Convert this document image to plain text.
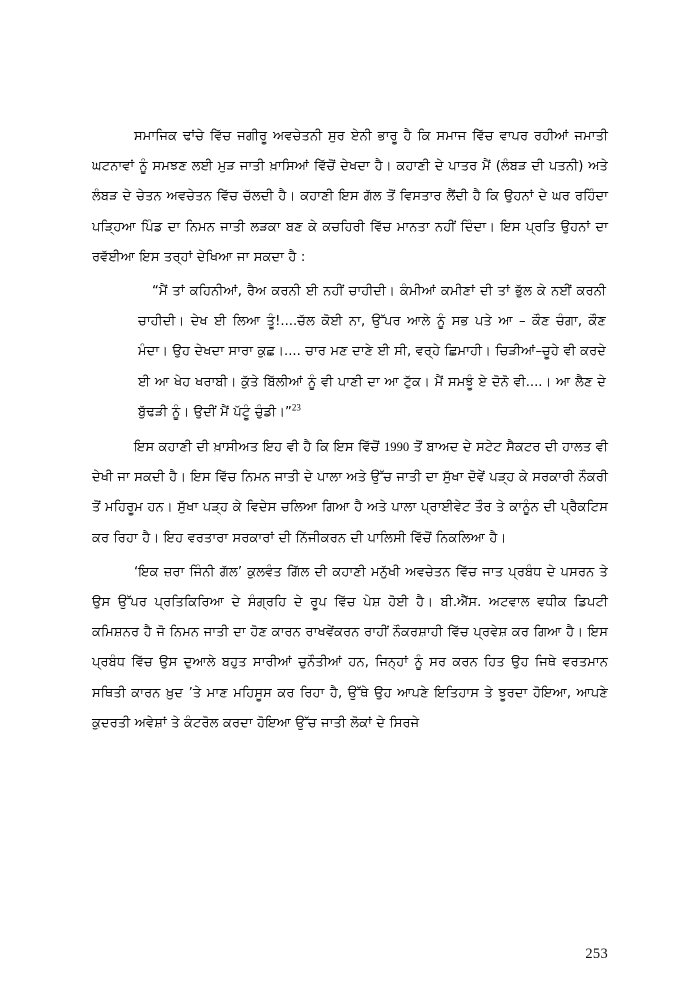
ਸਮਾਜਿਕ ਢਾਂਚੇ ਵਿੱਚ ਜਗੀਰੂ ਅਵਚੇਤਨੀ ਸੁਰ ਏਨੀ ਭਾਰੂ ਹੈ ਕਿ ਸਮਾਜ ਵਿੱਚ ਵਾਪਰ ਰਹੀਆਂ ਜਮਾਤੀ ਘਟਨਾਵਾਂ ਨੂੰ ਸਮਝਣ ਲਈ ਮੁੜ ਜਾਤੀ ਖ਼ਾਸਿਆਂ ਵਿੱਚੋਂ ਦੇਖਦਾ ਹੈ। ਕਹਾਣੀ ਦੇ ਪਾਤਰ ਮੈਂ (ਲੰਬੜ ਦੀ ਪਤਨੀ) ਅਤੇ ਲੰਬੜ ਦੇ ਚੇਤਨ ਅਵਚੇਤਨ ਵਿੱਚ ਚੱਲਦੀ ਹੈ। ਕਹਾਣੀ ਇਸ ਗੱਲ ਤੋਂ ਵਿਸਤਾਰ ਲੈਂਦੀ ਹੈ ਕਿ ਉਹਨਾਂ ਦੇ ਘਰ ਰਹਿੰਦਾ ਪੜ੍ਹਿਆ ਪਿੰਡ ਦਾ ਨਿਮਨ ਜਾਤੀ ਲੜਕਾ ਬਣ ਕੇ ਕਚਹਿਰੀ ਵਿੱਚ ਮਾਨਤਾ ਨਹੀਂ ਦਿੰਦਾ। ਇਸ ਪ੍ਰਤਿ ਉਹਨਾਂ ਦਾ ਰਵੱਈਆ ਇਸ ਤਰ੍ਹਾਂ ਦੇਖਿਆ ਜਾ ਸਕਦਾ ਹੈ :

“ਮੈਂ ਤਾਂ ਕਹਿਨੀਆਂ, ਰੈਅ ਕਰਨੀ ਈ ਨਹੀਂ ਚਾਹੀਦੀ। ਕੰਮੀਆਂ ਕਮੀਣਾਂ ਦੀ ਤਾਂ ਭੁੱਲ ਕੇ ਨਈਂ ਕਰਨੀ ਚਾਹੀਦੀ। ਦੇਖ ਈ ਲਿਆ ਤੂੰ!....ਚੱਲ ਕੋਈ ਨਾ, ਉੱਪਰ ਆਲੇ ਨੂੰ ਸਭ ਪਤੇ ਆ – ਕੌਣ ਚੰਗਾ, ਕੌਣ ਮੰਦਾ। ਉਹ ਦੇਖਦਾ ਸਾਰਾ ਕੁਛ।.... ਚਾਰ ਮਣ ਦਾਣੇ ਈ ਸੀ, ਵਰ੍ਹੇ ਛਿਮਾਹੀ। ਚਿੜੀਆਂ–ਚੂਹੇ ਵੀ ਕਰਦੇ ਈ ਆ ਖੇਹ ਖਰਾਬੀ। ਕੁੱਤੇ ਬਿੱਲੀਆਂ ਨੂੰ ਵੀ ਪਾਣੀ ਦਾ ਆ ਟੁੱਕ। ਮੈਂ ਸਮਝੂੰ ਏ ਦੋਨੋ ਵੀ....। ਆ ਲੈਣ ਦੇ ਬੁੱਢੜੀ ਨੂੰ। ਉਦੀਂ ਮੈਂ ਪੱਟੂੰ ਚੁੰਡੀ।”$^{23}$

ਇਸ ਕਹਾਣੀ ਦੀ ਖ਼ਾਸੀਅਤ ਇਹ ਵੀ ਹੈ ਕਿ ਇਸ ਵਿੱਚੋਂ 1990 ਤੋਂ ਬਾਅਦ ਦੇ ਸਟੇਟ ਸੈਕਟਰ ਦੀ ਹਾਲਤ ਵੀ ਦੇਖੀ ਜਾ ਸਕਦੀ ਹੈ। ਇਸ ਵਿੱਚ ਨਿਮਨ ਜਾਤੀ ਦੇ ਪਾਲਾ ਅਤੇ ਉੱਚ ਜਾਤੀ ਦਾ ਸੁੱਖਾ ਦੋਵੇਂ ਪੜ੍ਹ ਕੇ ਸਰਕਾਰੀ ਨੌਕਰੀ ਤੋਂ ਮਹਿਰੂਮ ਹਨ। ਸੁੱਖਾ ਪੜ੍ਹ ਕੇ ਵਿਦੇਸ ਚਲਿਆ ਗਿਆ ਹੈ ਅਤੇ ਪਾਲਾ ਪ੍ਰਾਈਵੇਟ ਤੌਰ ਤੇ ਕਾਨੂੰਨ ਦੀ ਪ੍ਰੈਕਟਿਸ ਕਰ ਰਿਹਾ ਹੈ। ਇਹ ਵਰਤਾਰਾ ਸਰਕਾਰਾਂ ਦੀ ਨਿੱਜੀਕਰਨ ਦੀ ਪਾਲਿਸੀ ਵਿੱਚੋਂ ਨਿਕਲਿਆ ਹੈ।

‘ਇਕ ਜ਼ਰਾ ਜਿੰਨੀ ਗੱਲ’ ਕੁਲਵੰਤ ਗਿੱਲ ਦੀ ਕਹਾਣੀ ਮਨੁੱਖੀ ਅਵਚੇਤਨ ਵਿੱਚ ਜਾਤ ਪ੍ਰਬੰਧ ਦੇ ਪਸਰਨ ਤੇ ਉਸ ਉੱਪਰ ਪ੍ਰਤਿਕਿਰਿਆ ਦੇ ਸੰਗ੍ਰਹਿ ਦੇ ਰੂਪ ਵਿੱਚ ਪੇਸ਼ ਹੋਈ ਹੈ। ਬੀ.ਐੱਸ. ਅਟਵਾਲ ਵਧੀਕ ਡਿਪਟੀ ਕਮਿਸ਼ਨਰ ਹੈ ਜੋ ਨਿਮਨ ਜਾਤੀ ਦਾ ਹੋਣ ਕਾਰਨ ਰਾਖਵੇਂਕਰਨ ਰਾਹੀਂ ਨੌਕਰਸ਼ਾਹੀ ਵਿੱਚ ਪ੍ਰਵੇਸ਼ ਕਰ ਗਿਆ ਹੈ। ਇਸ ਪ੍ਰਬੰਧ ਵਿੱਚ ਉਸ ਦੁਆਲੇ ਬਹੁਤ ਸਾਰੀਆਂ ਚੁਨੌਤੀਆਂ ਹਨ, ਜਿਨ੍ਹਾਂ ਨੂੰ ਸਰ ਕਰਨ ਹਿਤ ਉਹ ਜਿਥੇ ਵਰਤਮਾਨ ਸਥਿਤੀ ਕਾਰਨ ਖ਼ੁਦ ’ਤੇ ਮਾਣ ਮਹਿਸੂਸ ਕਰ ਰਿਹਾ ਹੈ, ਉੱਥੇ ਉਹ ਆਪਣੇ ਇਤਿਹਾਸ ਤੇ ਝੂਰਦਾ ਹੋਇਆ, ਆਪਣੇ ਕੁਦਰਤੀ ਅਵੇਸ਼ਾਂ ਤੇ ਕੰਟਰੋਲ ਕਰਦਾ ਹੋਇਆ ਉੱਚ ਜਾਤੀ ਲੋਕਾਂ ਦੇ ਸਿਰਜੇ

253
